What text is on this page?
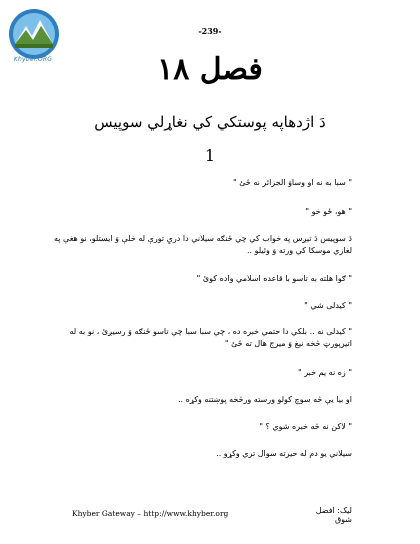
Khyber.ORG
-239-
فصل ١٨
دَ اژدهاپه پوستکي کي نغاړلي سوپيس
1
" سبا به نه او وساوَ الجزائر نه ځئ "
" هو، ځو خو "
دَ سوپيس دَ تيږس په خواب کي چي ځنګه سيلاني دا دريِ تورې له خلې وَ ايستلو، نو هغې په لغازي موسکا کي ورته وَ وئيلو ..
" ګوا هلته به تاسو با قاعده اسلامي واده کوئ "
" کيدلی شي "
" کيدلی نه .. بلکي دا حتمي خبره ده ، چي سبا سبا چي تاسو ځنګه وَ رسيږئ ، نو به له اتيرپورټ څخه نيغ وَ ميرج هال ته ځئ "
" زه نه يم خبر "
او بيا يې څه سوچ کولو ورسته ورڅخه پوښتنه وکړه ..
" لاکن نه څه خبره شوي ؟ "
سيلاني يو دم له حيرته سوال تري وکړو ..
Khyber Gateway – http://www.khyber.org	ليک: افضل شوق
